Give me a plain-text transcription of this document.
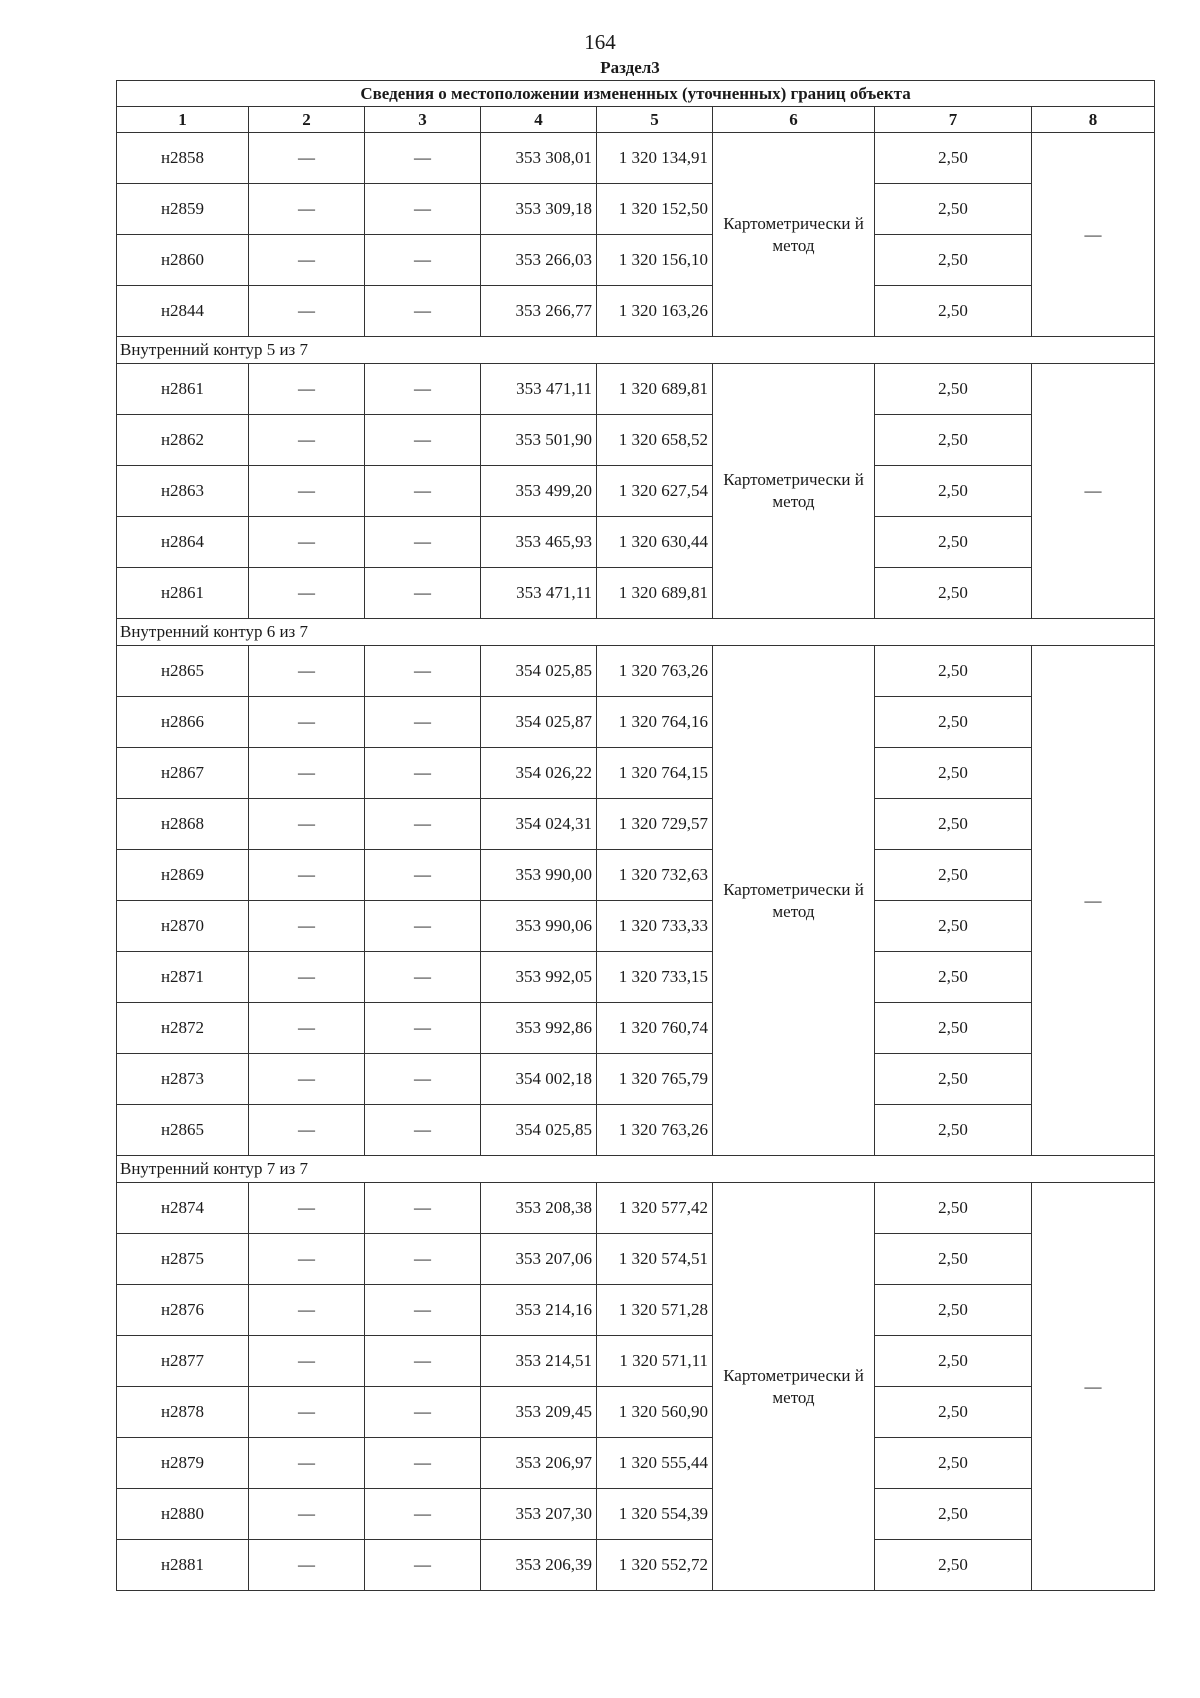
164
Раздел3
Сведения о местоположении измененных (уточненных) границ объекта							
1	2	3	4	5	6	7	8
н2858	—	—	353 308,01	1 320 134,91	Картометрически й метод	2,50	—
н2859	—	—	353 309,18	1 320 152,50		2,50	
н2860	—	—	353 266,03	1 320 156,10		2,50	
н2844	—	—	353 266,77	1 320 163,26		2,50	
Внутренний контур 5 из 7							
н2861	—	—	353 471,11	1 320 689,81	Картометрически й метод	2,50	—
н2862	—	—	353 501,90	1 320 658,52		2,50	
н2863	—	—	353 499,20	1 320 627,54		2,50	
н2864	—	—	353 465,93	1 320 630,44		2,50	
н2861	—	—	353 471,11	1 320 689,81		2,50	
Внутренний контур 6 из 7							
н2865	—	—	354 025,85	1 320 763,26	Картометрически й метод	2,50	—
н2866	—	—	354 025,87	1 320 764,16		2,50	
н2867	—	—	354 026,22	1 320 764,15		2,50	
н2868	—	—	354 024,31	1 320 729,57		2,50	
н2869	—	—	353 990,00	1 320 732,63		2,50	
н2870	—	—	353 990,06	1 320 733,33		2,50	
н2871	—	—	353 992,05	1 320 733,15		2,50	
н2872	—	—	353 992,86	1 320 760,74		2,50	
н2873	—	—	354 002,18	1 320 765,79		2,50	
н2865	—	—	354 025,85	1 320 763,26		2,50	
Внутренний контур 7 из 7							
н2874	—	—	353 208,38	1 320 577,42	Картометрически й метод	2,50	—
н2875	—	—	353 207,06	1 320 574,51		2,50	
н2876	—	—	353 214,16	1 320 571,28		2,50	
н2877	—	—	353 214,51	1 320 571,11		2,50	
н2878	—	—	353 209,45	1 320 560,90		2,50	
н2879	—	—	353 206,97	1 320 555,44		2,50	
н2880	—	—	353 207,30	1 320 554,39		2,50	
н2881	—	—	353 206,39	1 320 552,72		2,50	
